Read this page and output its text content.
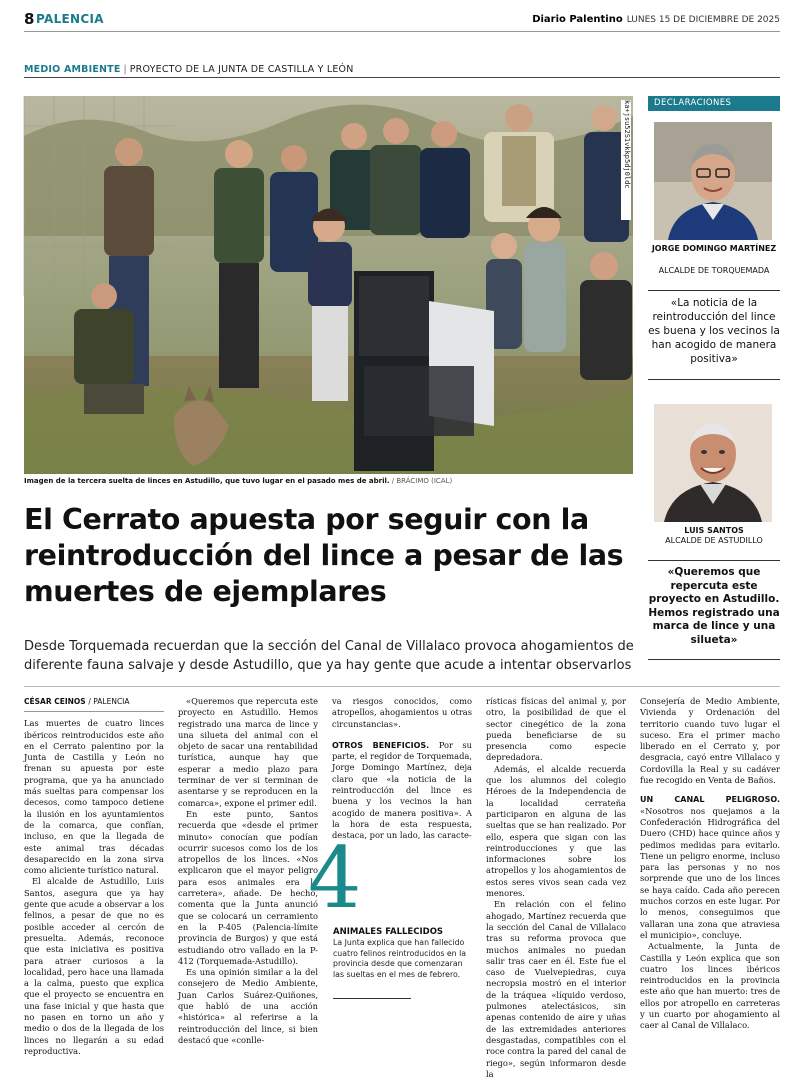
8 PALENCIA	Diario Palentino LUNES 15 DE DICIEMBRE DE 2025
MEDIO AMBIENTE | PROYECTO DE LA JUNTA DE CASTILLA Y LEÓN
ka+jsu52S1vkkp5dj0ldc
Imagen de la tercera suelta de linces en Astudillo, que tuvo lugar en el pasado mes de abril. / BRÁCIMO (ICAL)
El Cerrato apuesta por seguir con la reintroducción del lince a pesar de las muertes de ejemplares

Desde Torquemada recuerdan que la sección del Canal de Villalaco provoca ahogamientos de diferente fauna salvaje y desde Astudillo, que ya hay gente que acude a intentar observarlos

DECLARACIONES
JORGE DOMINGO MARTÍNEZ
ALCALDE DE TORQUEMADA
«La noticia de la reintroducción del lince es buena y los vecinos la han acogido de manera positiva»
LUIS SANTOS
ALCALDE DE ASTUDILLO
«Queremos que repercuta este proyecto en Astudillo. Hemos registrado una marca de lince y una silueta»
CÉSAR CEINOS / PALENCIA

Las muertes de cuatro linces ibéricos reintroducidos este año en el Cerrato palentino por la Junta de Castilla y León no frenan su apuesta por este programa, que ya ha anunciado más sueltas para compensar los decesos, como tampoco detiene la ilusión en los ayuntamientos de la comarca, que confían, incluso, en que la llegada de este animal tras décadas desaparecido en la zona sirva como aliciente turístico natural.

El alcalde de Astudillo, Luis Santos, asegura que ya hay gente que acude a observar a los felinos, a pesar de que no es posible acceder al cercón de presuelta. Además, reconoce que esta iniciativa es positiva para atraer curiosos a la localidad, pero hace una llamada a la calma, puesto que explica que el proyecto se encuentra en una fase inicial y que hasta que no pasen en torno un año y medio o dos de la llegada de los linces no llegarán a su edad reproductiva.

«Queremos que repercuta este proyecto en Astudillo. Hemos registrado una marca de lince y una silueta del animal con el objeto de sacar una rentabilidad turística, aunque hay que esperar a medio plazo para terminar de ver si terminan de asentarse y se reproducen en la comarca», expone el primer edil.

En este punto, Santos recuerda que «desde el primer minuto» conocían que podían ocurrir sucesos como los de los atropellos de los linces. «Nos explicaron que el mayor peligro para esos animales era la carretera», añade. De hecho, comenta que la Junta anunció que se colocará un cerramiento en la P-405 (Palencia-límite provincia de Burgos) y que está estudiando otro vallado en la P-412 (Torquemada-Astudillo).

Es una opinión similar a la del consejero de Medio Ambiente, Juan Carlos Suárez-Quiñones, que habló de una acción «histórica» al referirse a la reintroducción del lince, si bien destacó que «conlle-

va riesgos conocidos, como atropellos, ahogamientos u otras circunstancias».

OTROS BENEFICIOS. Por su parte, el regidor de Torquemada, Jorge Domingo Martínez, deja claro que «la noticia de la reintroducción del lince es buena y los vecinos la han acogido de manera positiva». A la hora de esta respuesta, destaca, por un lado, las caracte-

rísticas físicas del animal y, por otro, la posibilidad de que el sector cinegético de la zona pueda beneficiarse de su presencia como especie depredadora.

Además, el alcalde recuerda que los alumnos del colegio Héroes de la Independencia de la localidad cerrateña participaron en alguna de las sueltas que se han realizado. Por ello, espera que sigan con las reintroducciones y que las informaciones sobre los atropellos y los ahogamientos de estos seres vivos sean cada vez menores.

En relación con el felino ahogado, Martínez recuerda que la sección del Canal de Villalaco tras su reforma provoca que muchos animales no puedan salir tras caer en él. Este fue el caso de Vuelvepiedras, cuya necropsia mostró en el interior de la tráquea «líquido verdoso, pulmones atelectásicos, sin apenas contenido de aire y uñas de las extremidades anteriores desgastadas, compatibles con el roce contra la pared del canal de riego», según informaron desde la

Consejería de Medio Ambiente, Vivienda y Ordenación del territorio cuando tuvo lugar el suceso. Era el primer macho liberado en el Cerrato y, por desgracia, cayó entre Villalaco y Cordovilla la Real y su cadáver fue recogido en Venta de Baños.

UN CANAL PELIGROSO. «Nosotros nos quejamos a la Confederación Hidrográfica del Duero (CHD) hace quince años y pedimos medidas para evitarlo. Tiene un peligro enorme, incluso para las personas y no nos sorprende que uno de los linces se haya caído. Cada año perecen muchos corzos en este lugar. Por lo menos, conseguimos que vallaran una zona que atraviesa el municipio», concluye.

Actualmente, la Junta de Castilla y León explica que son cuatro los linces ibéricos reintroducidos en la provincia este año que han muerto: tres de ellos por atropello en carreteras y un cuarto por ahogamiento al caer al Canal de Villalaco.

4
ANIMALES FALLECIDOS
La Junta explica que han fallecido cuatro felinos reintroducidos en la provincia desde que comenzaran las sueltas en el mes de febrero.
